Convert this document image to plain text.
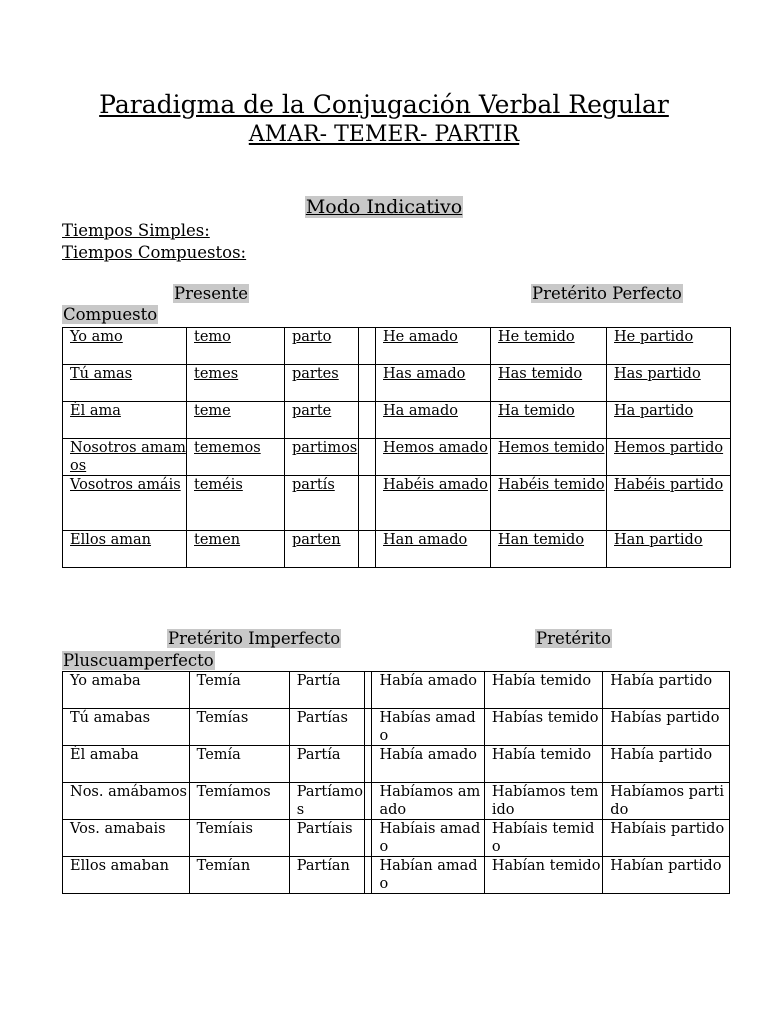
Paradigma de la Conjugación Verbal Regular
AMAR- TEMER- PARTIR
Modo Indicativo
Tiempos Simples:
Tiempos Compuestos:
Presente	Pretérito Perfecto
Compuesto
Yo amo	temo	parto		He amado	He temido	He partido
Tú amas	temes	partes		Has amado	Has temido	Has partido
Él ama	teme	parte		Ha amado	Ha temido	Ha partido
Nosotros amamos	tememos	partimos		Hemos amado	Hemos temido	Hemos partido
Vosotros amáis	teméis	partís		Habéis amado	Habéis temido	Habéis partido
Ellos aman	temen	parten		Han amado	Han temido	Han partido
Pretérito Imperfecto	Pretérito
Pluscuamperfecto
Yo amaba	Temía	Partía		Había amado	Había temido	Había partido
Tú amabas	Temías	Partías		Habías amado	Habías temido	Habías partido
Él amaba	Temía	Partía		Había amado	Había temido	Había partido
Nos. amábamos	Temíamos	Partíamos		Habíamos amado	Habíamos temido	Habíamos partido
Vos. amabais	Temíais	Partíais		Habíais amado	Habíais temido	Habíais partido
Ellos amaban	Temían	Partían		Habían amado	Habían temido	Habían partido
